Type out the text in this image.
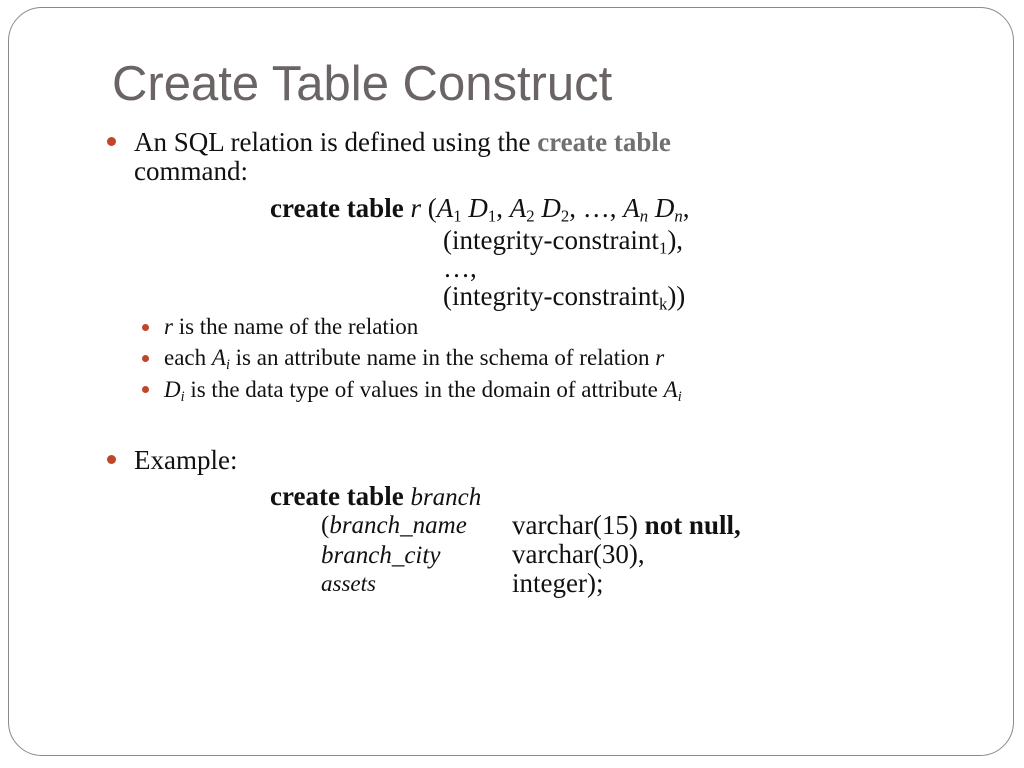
Create Table Construct
An SQL relation is defined using the create table
command:
create table r ($A_1$ $D_1$, $A_2$ $D_2$, …, $A_n$ $D_n$,
(integrity-constraint$_1$),
…,
(integrity-constraint$_k$))
r is the name of the relation
each $A_i$ is an attribute name in the schema of relation r
$D_i$ is the data type of values in the domain of attribute $A_i$
Example:
create table branch
(branch_name varchar(15) not null,
branch_city	varchar(30),
assets	integer);
